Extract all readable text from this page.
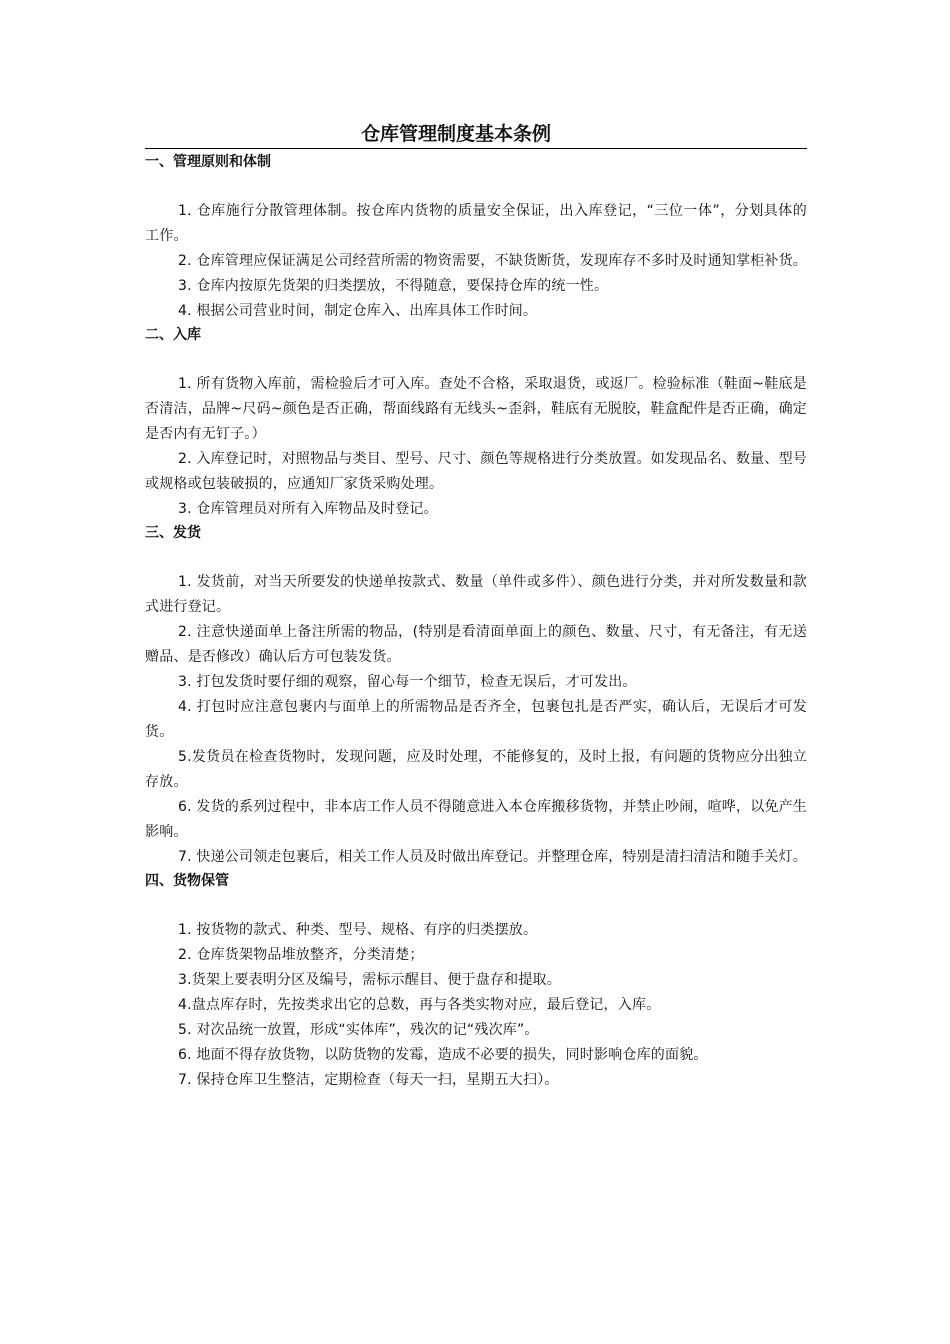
仓库管理制度基本条例
一、管理原则和体制

1. 仓库施行分散管理体制。按仓库内货物的质量安全保证，出入库登记，“三位一体”，分划具体的工作。

2. 仓库管理应保证满足公司经营所需的物资需要，不缺货断货，发现库存不多时及时通知掌柜补货。

3. 仓库内按原先货架的归类摆放，不得随意，要保持仓库的统一性。

4. 根据公司营业时间，制定仓库入、出库具体工作时间。

二、入库

1. 所有货物入库前，需检验后才可入库。查处不合格，采取退货，或返厂。检验标准（鞋面~鞋底是否清洁，品牌~尺码~颜色是否正确，帮面线路有无线头~歪斜，鞋底有无脱胶，鞋盒配件是否正确，确定是否内有无钉子。）

2. 入库登记时，对照物品与类目、型号、尺寸、颜色等规格进行分类放置。如发现品名、数量、型号或规格或包装破损的，应通知厂家货采购处理。

3. 仓库管理员对所有入库物品及时登记。

三、发货

1. 发货前，对当天所要发的快递单按款式、数量（单件或多件）、颜色进行分类，并对所发数量和款式进行登记。

2. 注意快递面单上备注所需的物品，(特别是看清面单面上的颜色、数量、尺寸，有无备注，有无送赠品、是否修改）确认后方可包装发货。

3. 打包发货时要仔细的观察，留心每一个细节，检查无误后，才可发出。

4. 打包时应注意包裹内与面单上的所需物品是否齐全，包裹包扎是否严实，确认后，无误后才可发货。

5.发货员在检查货物时，发现问题，应及时处理，不能修复的，及时上报，有问题的货物应分出独立存放。

6. 发货的系列过程中，非本店工作人员不得随意进入本仓库搬移货物，并禁止吵闹，喧哗，以免产生影响。

7. 快递公司领走包裹后，相关工作人员及时做出库登记。并整理仓库，特别是清扫清洁和随手关灯。

四、货物保管

1. 按货物的款式、种类、型号、规格、有序的归类摆放。

2. 仓库货架物品堆放整齐，分类清楚；

3.货架上要表明分区及编号，需标示醒目、便于盘存和提取。

4.盘点库存时，先按类求出它的总数，再与各类实物对应，最后登记，入库。

5. 对次品统一放置，形成“实体库”，残次的记“残次库”。

6. 地面不得存放货物，以防货物的发霉，造成不必要的损失，同时影响仓库的面貌。

7. 保持仓库卫生整洁，定期检查（每天一扫，星期五大扫）。
